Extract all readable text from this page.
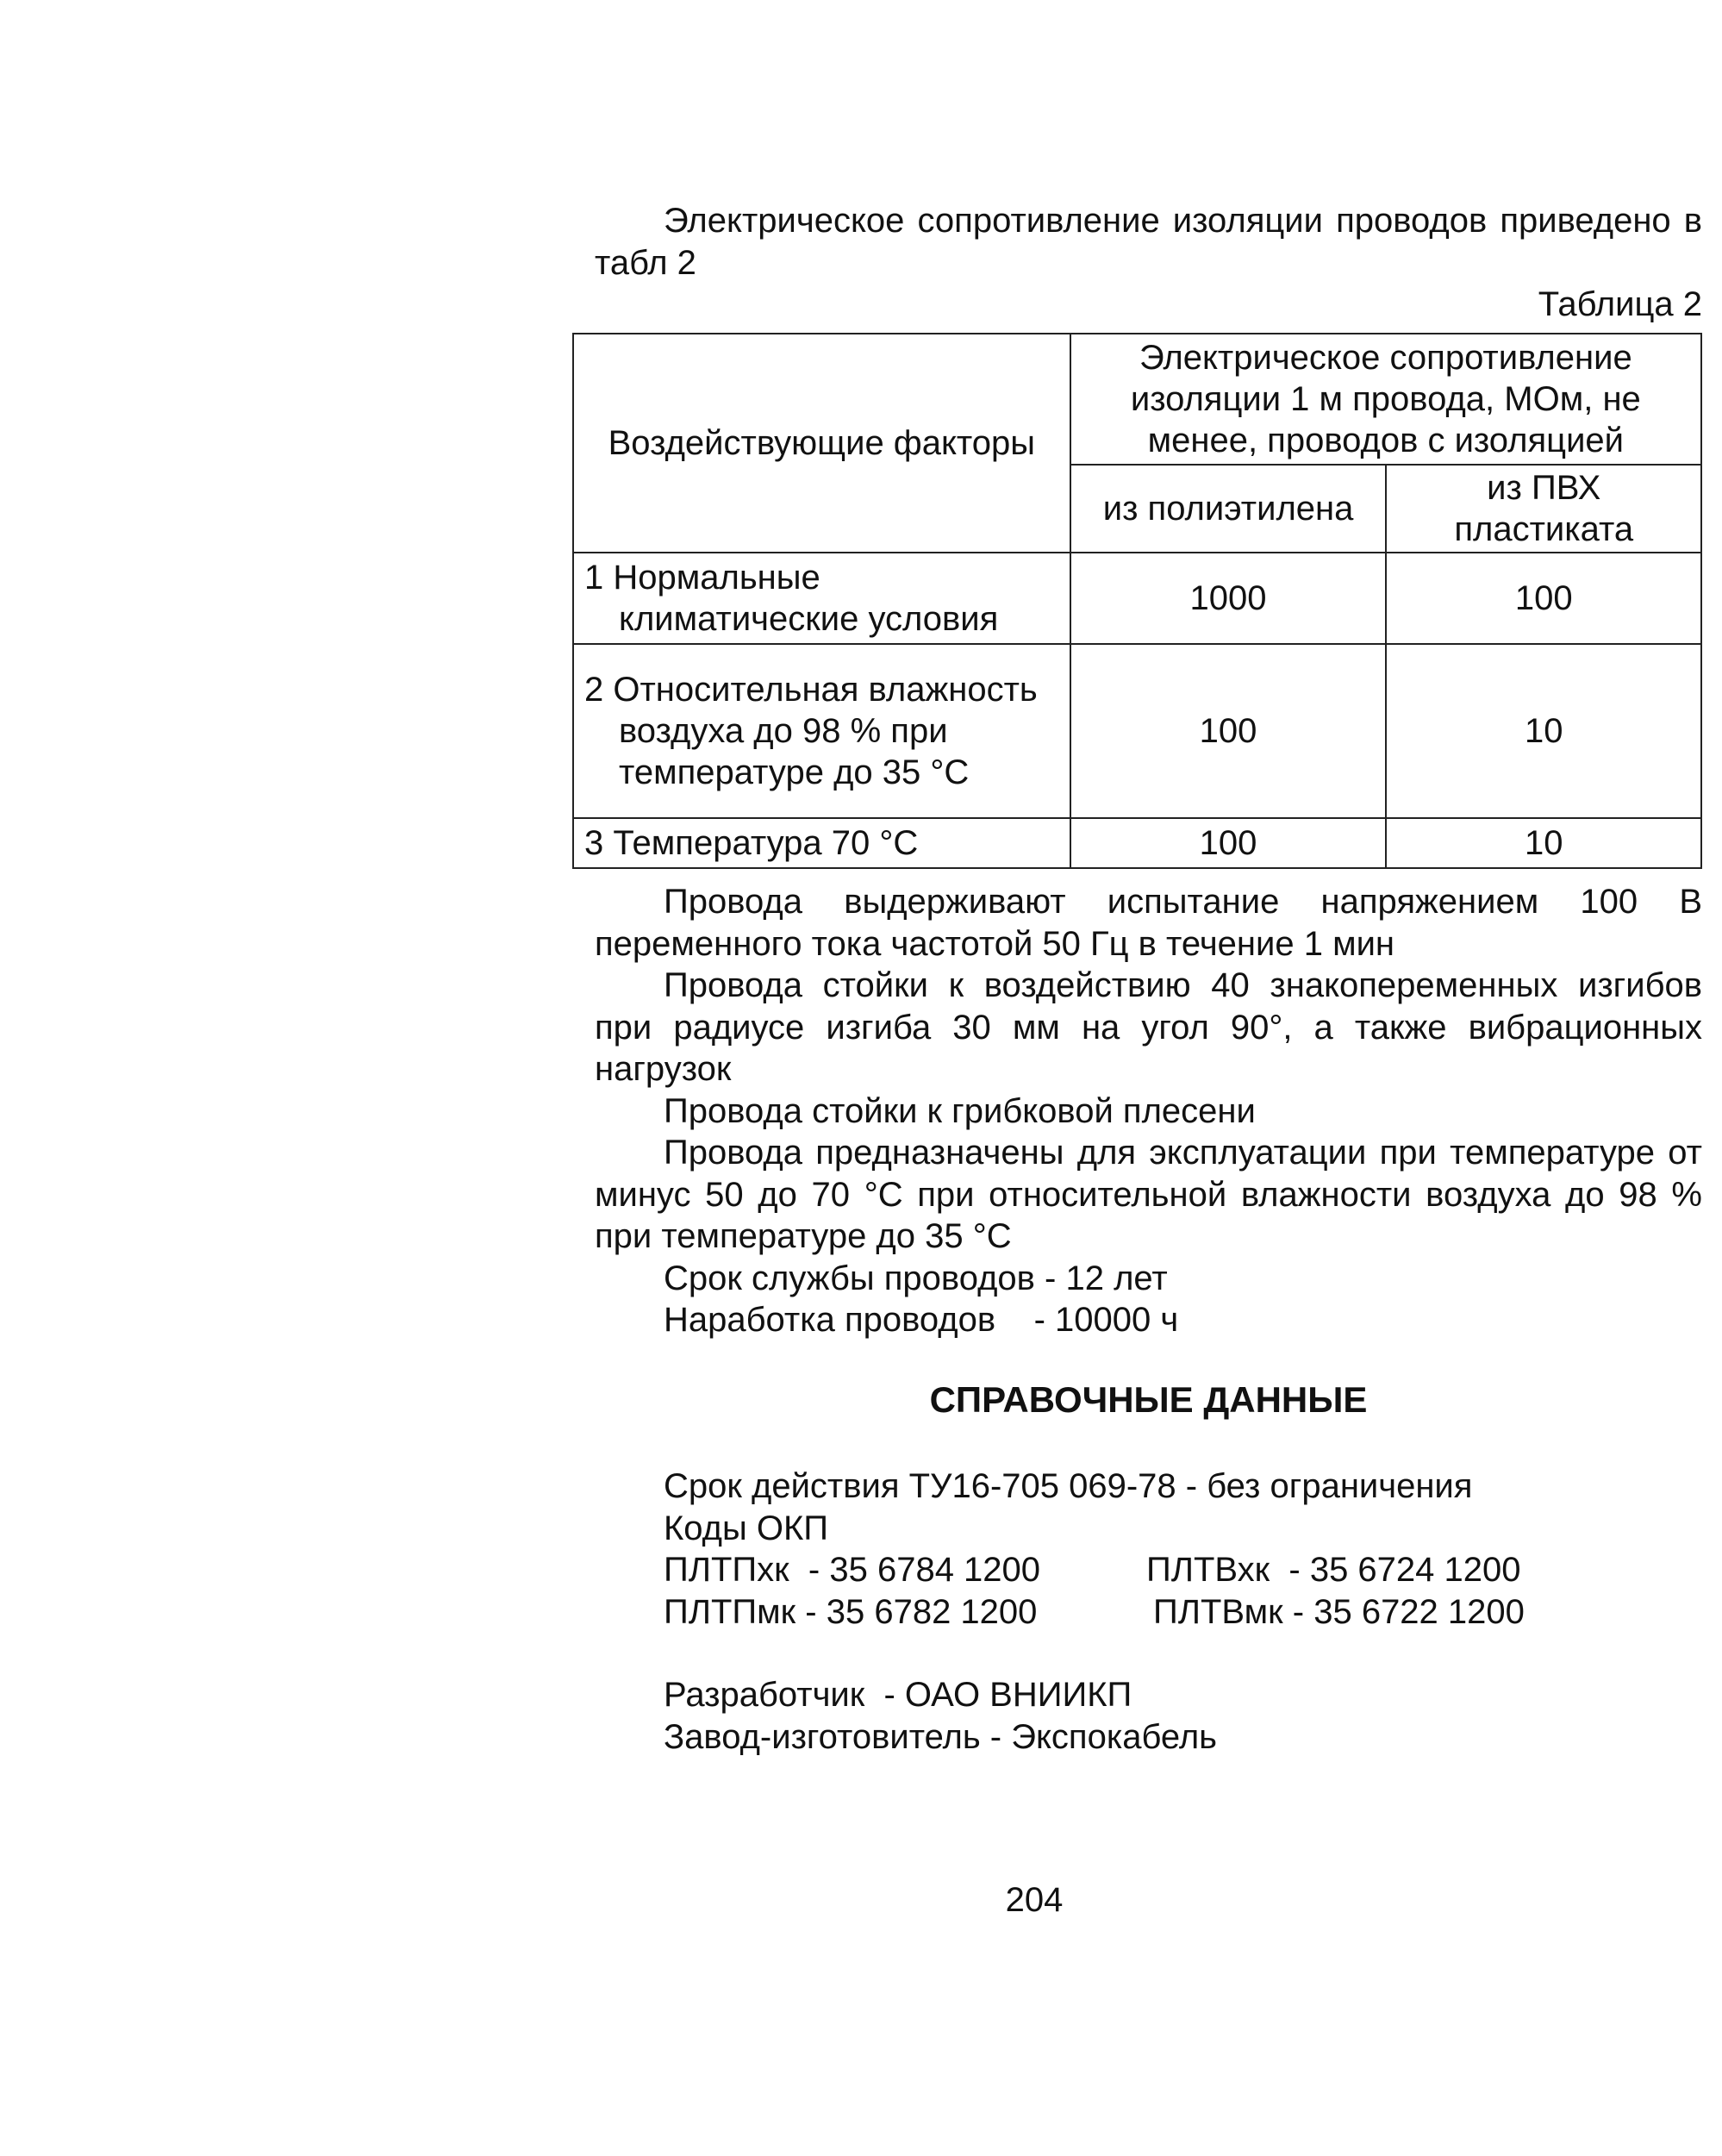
Электрическое сопротивление изоляции проводов приведено в табл 2

Таблица 2

Воздействующие факторы	Электрическое сопротивление изоляции 1 м провода, МОм, не менее, проводов с изоляцией	
	из полиэтилена	из ПВХ пластиката

1 Нормальные климатические условия	1000	100

2 Относительная влажность воздуха до 98 % при температуре до 35 °С	100	10

3 Температура 70 °С	100	10

Провода выдерживают испытание напряжением 100 В переменного тока частотой 50 Гц в течение 1 мин

Провода стойки к воздействию 40 знакопеременных изгибов при радиусе изгиба 30 мм на угол 90°, а также вибрационных нагрузок

Провода стойки к грибковой плесени

Провода предназначены для эксплуатации при температуре от минус 50 до 70 °С при относительной влажности воздуха до 98 % при температуре до 35 °С

Срок службы проводов - 12 лет

Наработка проводов    - 10000 ч

СПРАВОЧНЫЕ ДАННЫЕ

Срок действия ТУ16-705 069-78 - без ограничения

Коды ОКП

ПЛТПхк  - 35 6784 1200	ПЛТВхк  - 35 6724 1200
ПЛТПмк - 35 6782 1200	ПЛТВмк - 35 6722 1200

Разработчик  - ОАО ВНИИКП

Завод-изготовитель - Экспокабель

204
